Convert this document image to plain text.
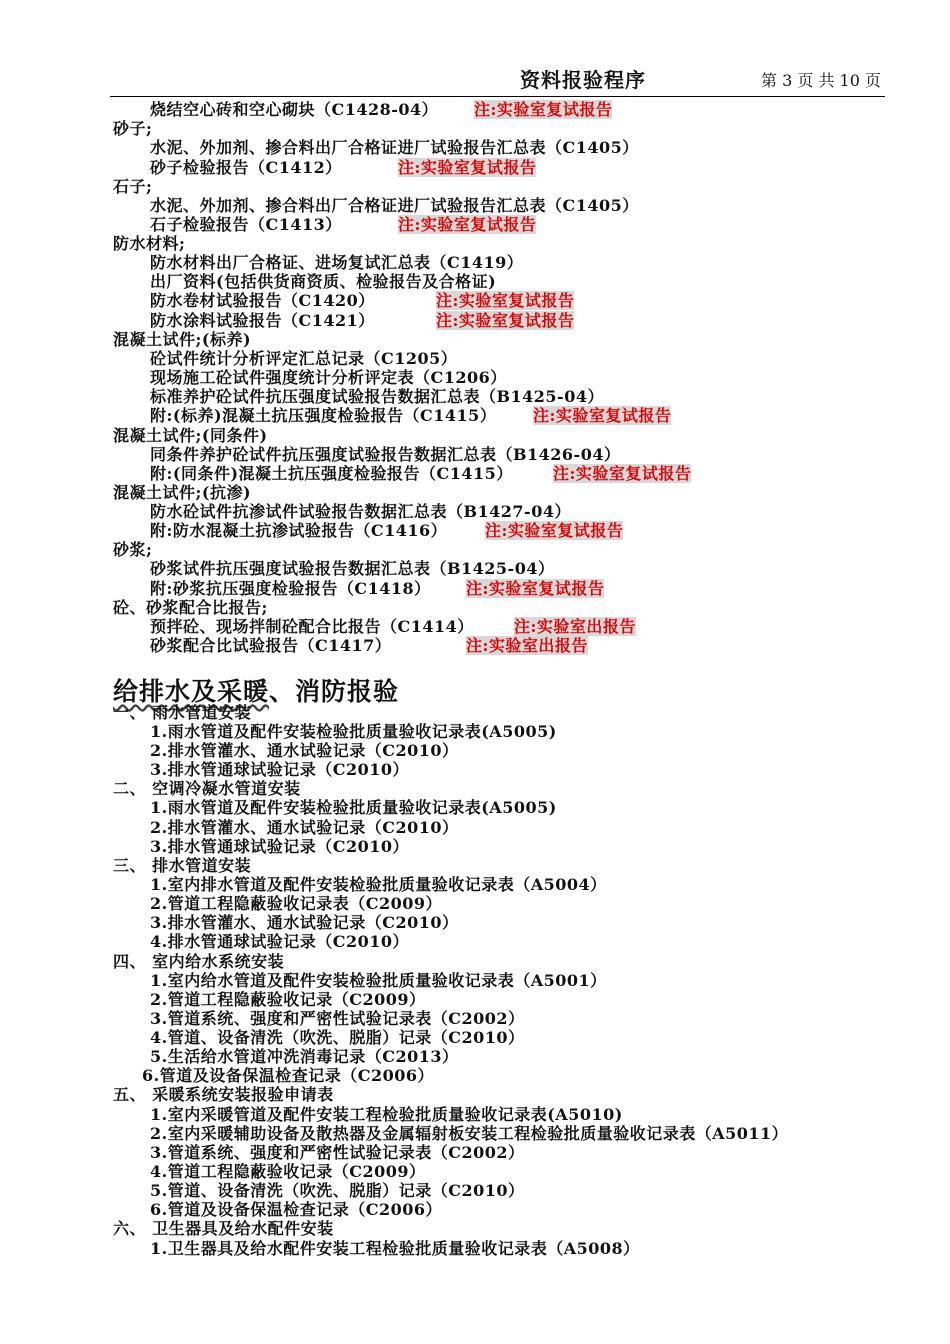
资料报验程序	第 3 页 共 10 页
烧结空心砖和空心砌块（C1428-04） 注:实验室复试报告
砂子;
水泥、外加剂、掺合料出厂合格证进厂试验报告汇总表（C1405）
砂子检验报告（C1412）	注:实验室复试报告
石子;
水泥、外加剂、掺合料出厂合格证进厂试验报告汇总表（C1405）
石子检验报告（C1413）	注:实验室复试报告
防水材料;
防水材料出厂合格证、进场复试汇总表（C1419）
出厂资料(包括供货商资质、检验报告及合格证)
防水卷材试验报告（C1420）	注:实验室复试报告
防水涂料试验报告（C1421）	注:实验室复试报告
混凝土试件;(标养)
砼试件统计分析评定汇总记录（C1205）
现场施工砼试件强度统计分析评定表（C1206）
标准养护砼试件抗压强度试验报告数据汇总表（B1425-04）
附:(标养)混凝土抗压强度检验报告（C1415） 注:实验室复试报告
混凝土试件;(同条件)
同条件养护砼试件抗压强度试验报告数据汇总表（B1426-04）
附:(同条件)混凝土抗压强度检验报告（C1415）	注:实验室复试报告
混凝土试件;(抗渗)
防水砼试件抗渗试件试验报告数据汇总表（B1427-04）
附:防水混凝土抗渗试验报告（C1416） 注:实验室复试报告
砂浆;
砂浆试件抗压强度试验报告数据汇总表（B1425-04）
附:砂浆抗压强度检验报告（C1418） 注:实验室复试报告
砼、砂浆配合比报告;
预拌砼、现场拌制砼配合比报告（C1414）	注:实验室出报告
砂浆配合比试验报告（C1417）	注:实验室出报告
给排水及采暖、消防报验
一、 雨水管道安装
1.雨水管道及配件安装检验批质量验收记录表(A5005)
2.排水管灌水、通水试验记录（C2010）
3.排水管通球试验记录（C2010）
二、 空调冷凝水管道安装
1.雨水管道及配件安装检验批质量验收记录表(A5005)
2.排水管灌水、通水试验记录（C2010）
3.排水管通球试验记录（C2010）
三、 排水管道安装
1.室内排水管道及配件安装检验批质量验收记录表（A5004）
2.管道工程隐蔽验收记录表（C2009）
3.排水管灌水、通水试验记录（C2010）
4.排水管通球试验记录（C2010）
四、 室内给水系统安装
1.室内给水管道及配件安装检验批质量验收记录表（A5001）
2.管道工程隐蔽验收记录（C2009）
3.管道系统、强度和严密性试验记录表（C2002）
4.管道、设备清洗（吹洗、脱脂）记录（C2010）
5.生活给水管道冲洗消毒记录（C2013）
6.管道及设备保温检查记录（C2006）
五、 采暖系统安装报验申请表
1.室内采暖管道及配件安装工程检验批质量验收记录表(A5010)
2.室内采暖辅助设备及散热器及金属辐射板安装工程检验批质量验收记录表（A5011）
3.管道系统、强度和严密性试验记录表（C2002）
4.管道工程隐蔽验收记录（C2009）
5.管道、设备清洗（吹洗、脱脂）记录（C2010）
6.管道及设备保温检查记录（C2006）
六、 卫生器具及给水配件安装
1.卫生器具及给水配件安装工程检验批质量验收记录表（A5008）
